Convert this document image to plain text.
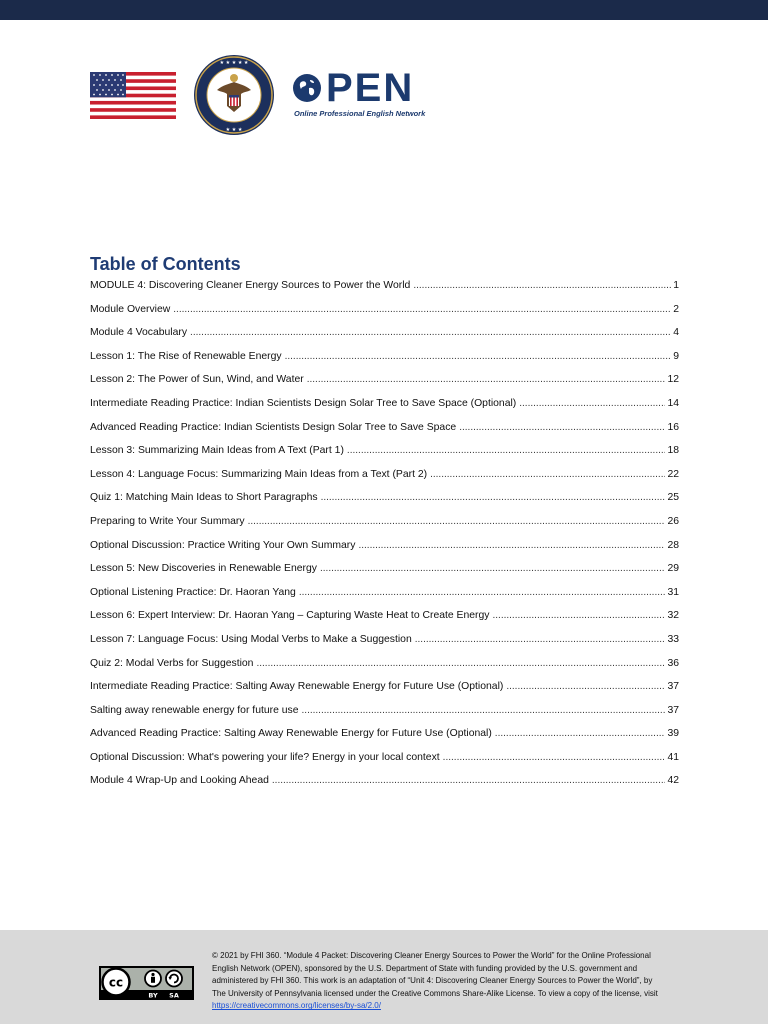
★ ★ ★ ★ ★
★ ★ ★
PEN
Online Professional English Network
Table of Contents
MODULE 4: Discovering Cleaner Energy Sources to Power the World .....	1
Module Overview .....	2
Module 4 Vocabulary .....	4
Lesson 1: The Rise of Renewable Energy .....	9
Lesson 2: The Power of Sun, Wind, and Water .....	12
Intermediate Reading Practice: Indian Scientists Design Solar Tree to Save Space (Optional) .....	14
Advanced Reading Practice: Indian Scientists Design Solar Tree to Save Space .....	16
Lesson 3: Summarizing Main Ideas from A Text (Part 1) .....	18
Lesson 4: Language Focus: Summarizing Main Ideas from a Text (Part 2) .....	22
Quiz 1: Matching Main Ideas to Short Paragraphs .....	25
Preparing to Write Your Summary .....	26
Optional Discussion: Practice Writing Your Own Summary .....	28
Lesson 5: New Discoveries in Renewable Energy .....	29
Optional Listening Practice: Dr. Haoran Yang .....	31
Lesson 6: Expert Interview: Dr. Haoran Yang – Capturing Waste Heat to Create Energy .....	32
Lesson 7: Language Focus: Using Modal Verbs to Make a Suggestion .....	33
Quiz 2: Modal Verbs for Suggestion .....	36
Intermediate Reading Practice: Salting Away Renewable Energy for Future Use (Optional) .....	37
Salting away renewable energy for future use .....	37
Advanced Reading Practice: Salting Away Renewable Energy for Future Use (Optional) .....	39
Optional Discussion: What's powering your life? Energy in your local context .....	41
Module 4 Wrap-Up and Looking Ahead .....	42
cc
BY SA

© 2021 by FHI 360. “Module 4 Packet: Discovering Cleaner Energy Sources to Power the World” for the Online Professional English Network (OPEN), sponsored by the U.S. Department of State with funding provided by the U.S. government and administered by FHI 360. This work is an adaptation of “Unit 4: Discovering Cleaner Energy Sources to Power the World”, by The University of Pennsylvania licensed under the Creative Commons Share-Alike License. To view a copy of the license, visit https://creativecommons.org/licenses/by-sa/2.0/
